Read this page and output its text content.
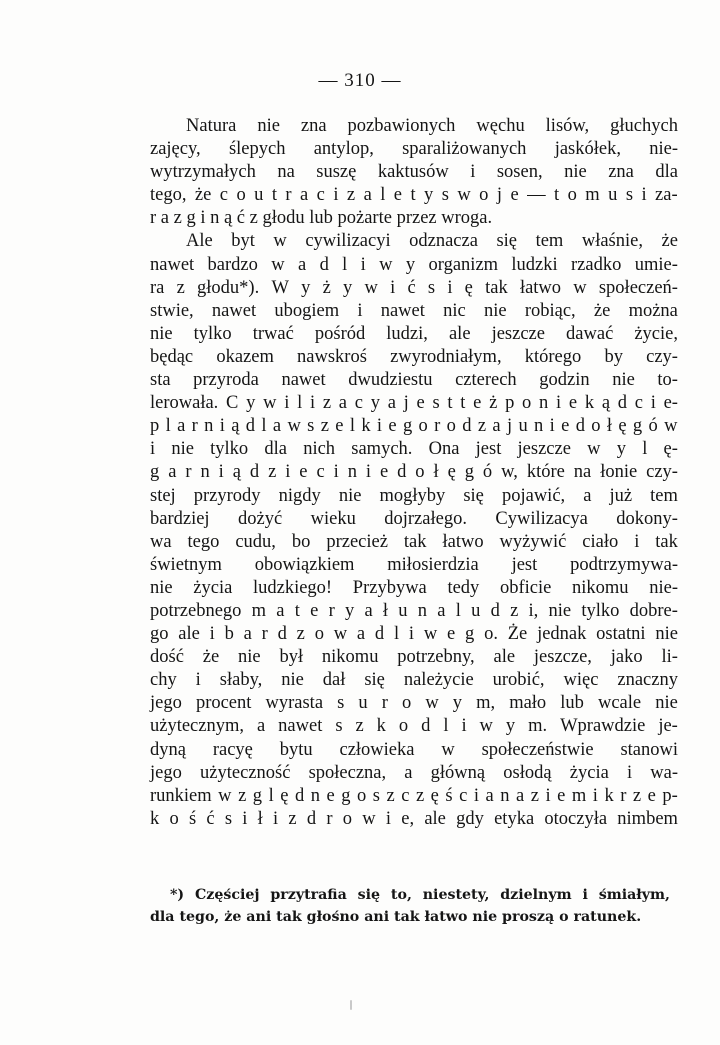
— 310 —
Natura nie zna pozbawionych węchu lisów, głuchych
zajęcy, ślepych antylop, sparaliżowanych jaskółek, nie-
wytrzymałych na suszę kaktusów i sosen, nie zna dla
tego, że c o u t r a c i z a l e t y s w o j e — t o m u s i za-
r a z g i n ą ć z głodu lub pożarte przez wroga.
Ale byt w cywilizacyi odznacza się tem właśnie, że
nawet bardzo w a d l i w y organizm ludzki rzadko umie-
ra z głodu*). W y ż y w i ć s i ę tak łatwo w społeczeń-
stwie, nawet ubogiem i nawet nic nie robiąc, że można
nie tylko trwać pośród ludzi, ale jeszcze dawać życie,
będąc okazem nawskroś zwyrodniałym, którego by czy-
sta przyroda nawet dwudziestu czterech godzin nie to-
lerowała. C y w i l i z a c y a j e s t t e ż p o n i e k ą d c i e-
p l a r n i ą d l a w s z e l k i e g o r o d z a j u n i e d o ł ę g ó w
i nie tylko dla nich samych. Ona jest jeszcze w y l ę-
g a r n i ą d z i e c i n i e d o ł ę g ó w, które na łonie czy-
stej przyrody nigdy nie mogłyby się pojawić, a już tem
bardziej dożyć wieku dojrzałego. Cywilizacya dokony-
wa tego cudu, bo przecież tak łatwo wyżywić ciało i tak
świetnym obowiązkiem miłosierdzia jest podtrzymywa-
nie życia ludzkiego! Przybywa tedy obficie nikomu nie-
potrzebnego m a t e r y a ł u n a l u d z i, nie tylko dobre-
go ale i b a r d z o w a d l i w e g o. Że jednak ostatni nie
dość że nie był nikomu potrzebny, ale jeszcze, jako li-
chy i słaby, nie dał się należycie urobić, więc znaczny
jego procent wyrasta s u r o w y m, mało lub wcale nie
użytecznym, a nawet s z k o d l i w y m. Wprawdzie je-
dyną racyę bytu człowieka w społeczeństwie stanowi
jego użyteczność społeczna, a główną osłodą życia i wa-
runkiem w z g l ę d n e g o s z c z ę ś c i a n a z i e m i k r z e p-
k o ś ć s i ł i z d r o w i e, ale gdy etyka otoczyła nimbem
*) Częściej przytrafia się to, niestety, dzielnym i śmiałym,
dla tego, że ani tak głośno ani tak łatwo nie proszą o ratunek.
